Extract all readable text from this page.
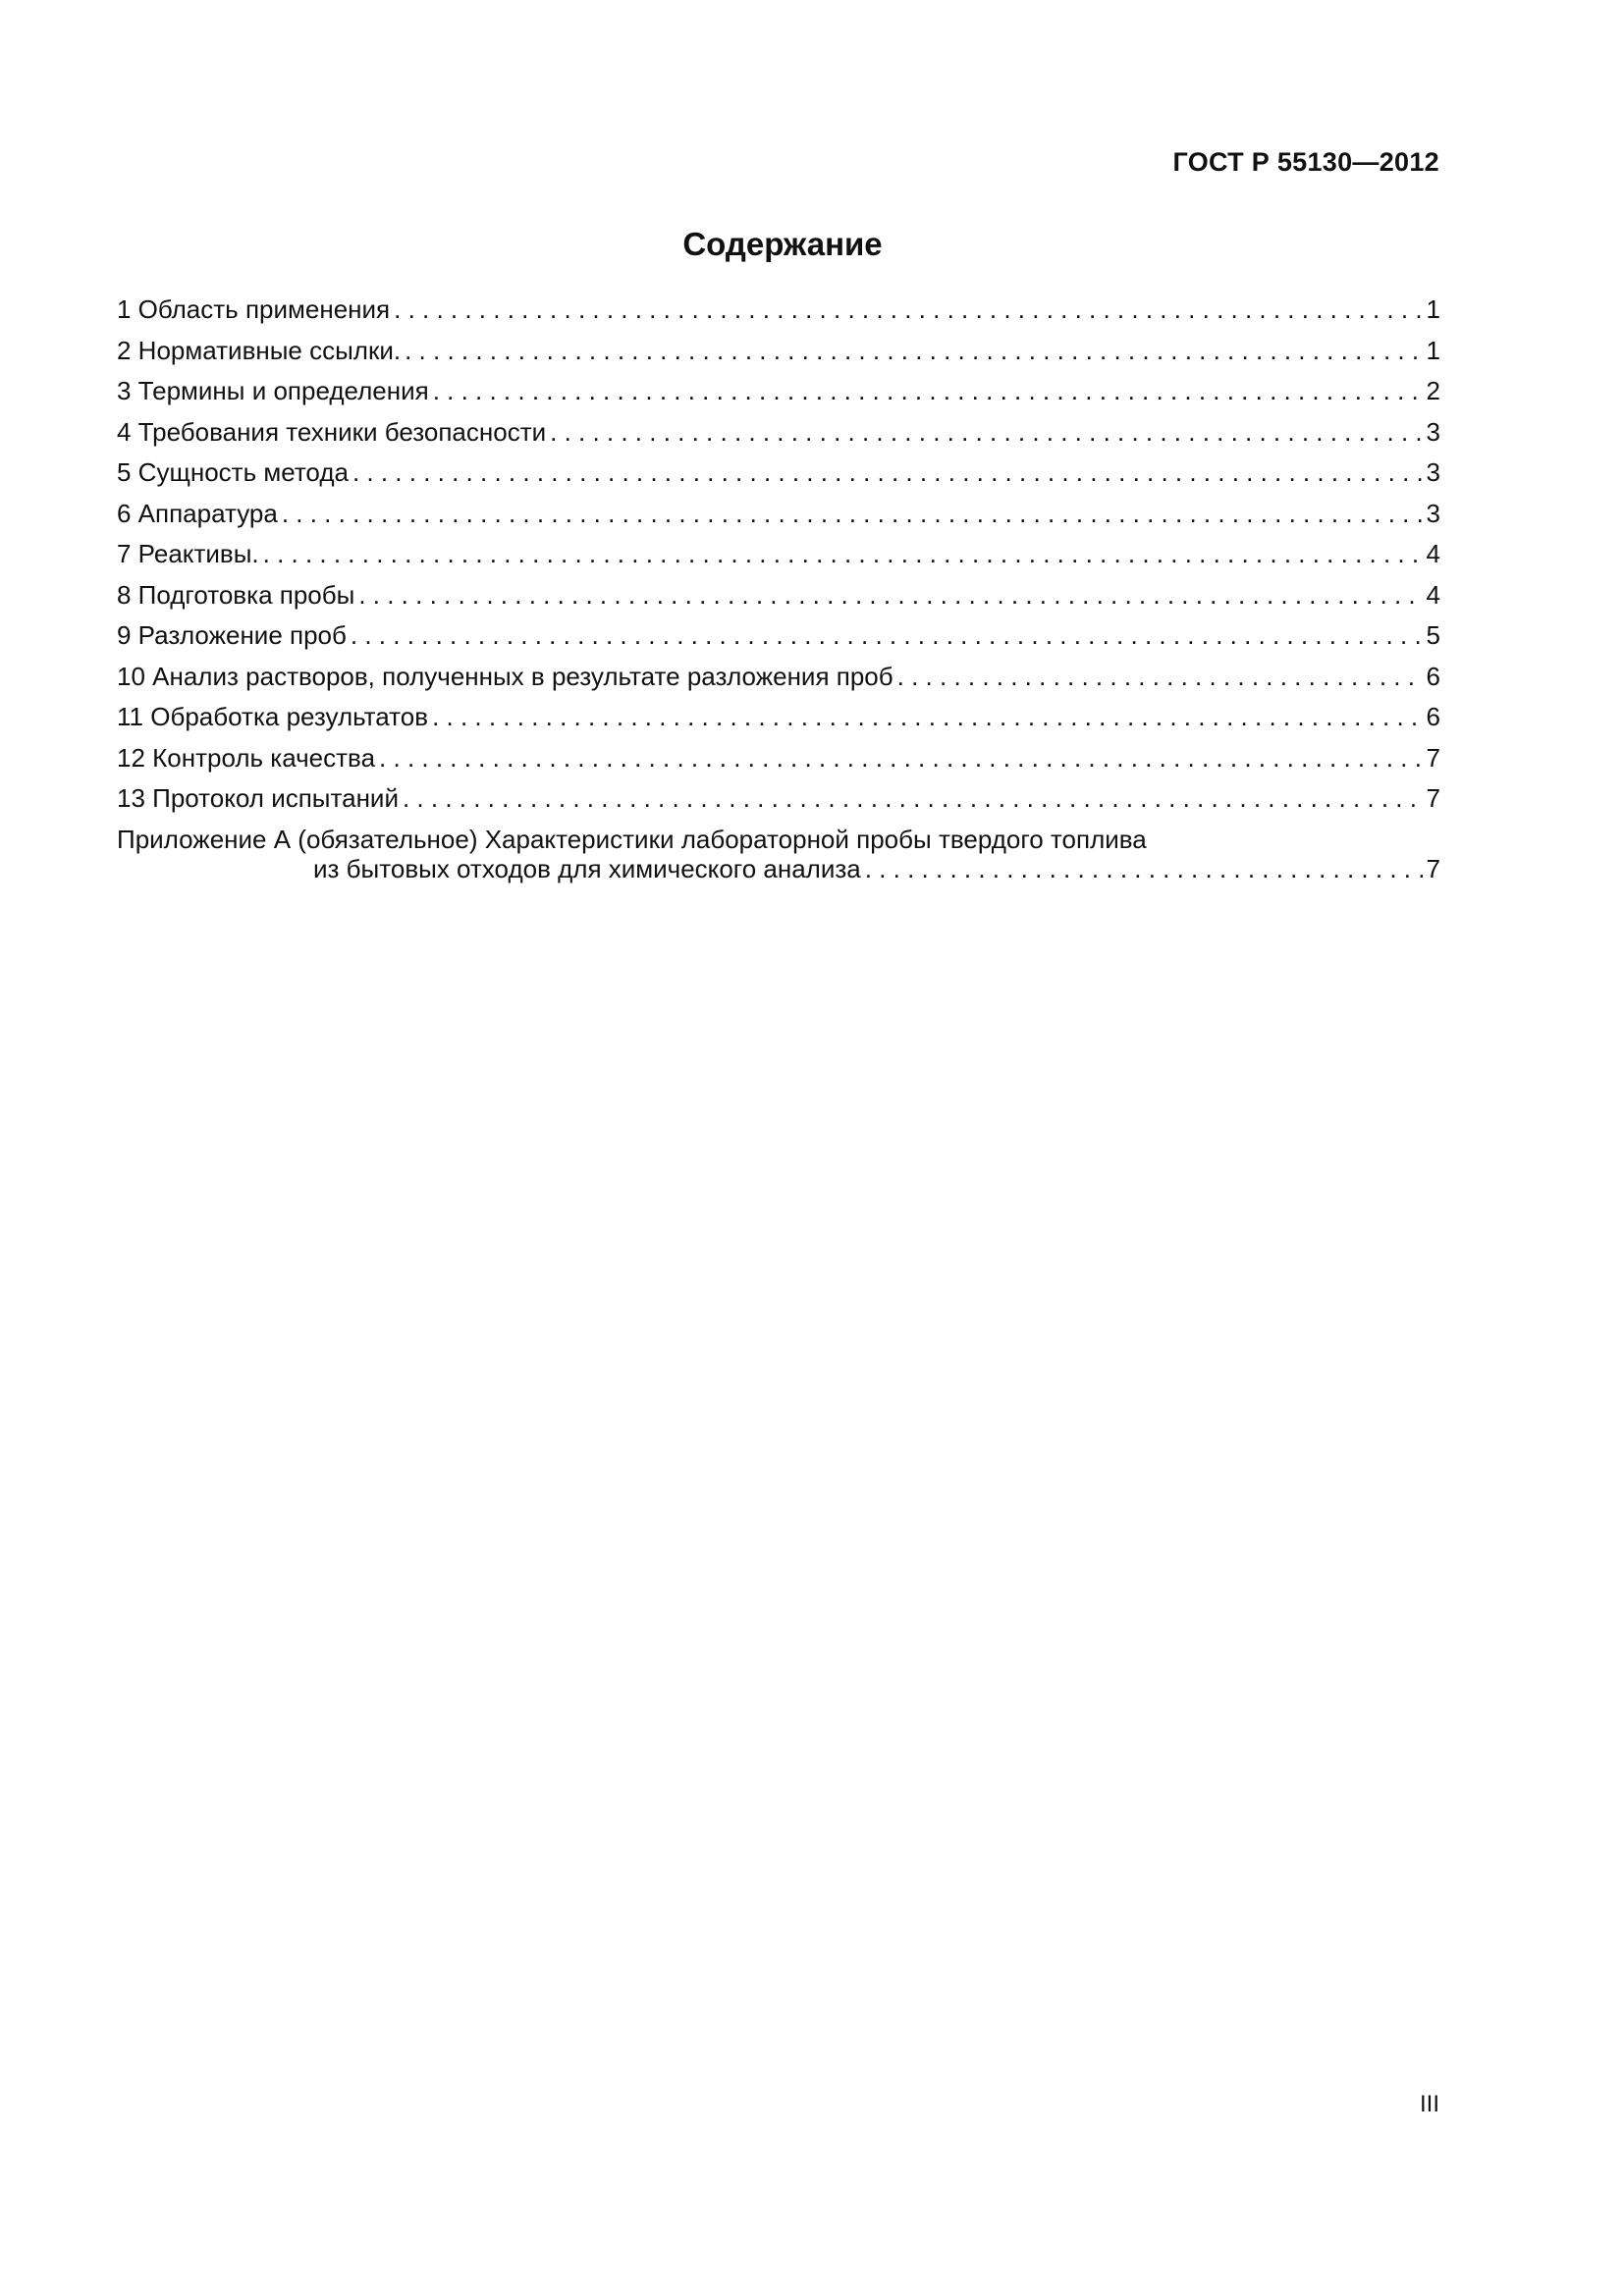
ГОСТ Р 55130—2012
Содержание
1 Область применения . . .	1
2 Нормативные ссылки. . . .	1
3 Термины и определения . . .	2
4 Требования техники безопасности . . .	3
5 Сущность метода . . .	3
6 Аппаратура . . .	3
7 Реактивы. . . .	4
8 Подготовка пробы . . .	4
9 Разложение проб . . .	5
10 Анализ растворов, полученных в результате разложения проб . . .	6
11 Обработка результатов . . .	6
12 Контроль качества . . .	7
13 Протокол испытаний . . .	7
Приложение А (обязательное) Характеристики лабораторной пробы твердого топлива
из бытовых отходов для химического анализа . . .	7
III
